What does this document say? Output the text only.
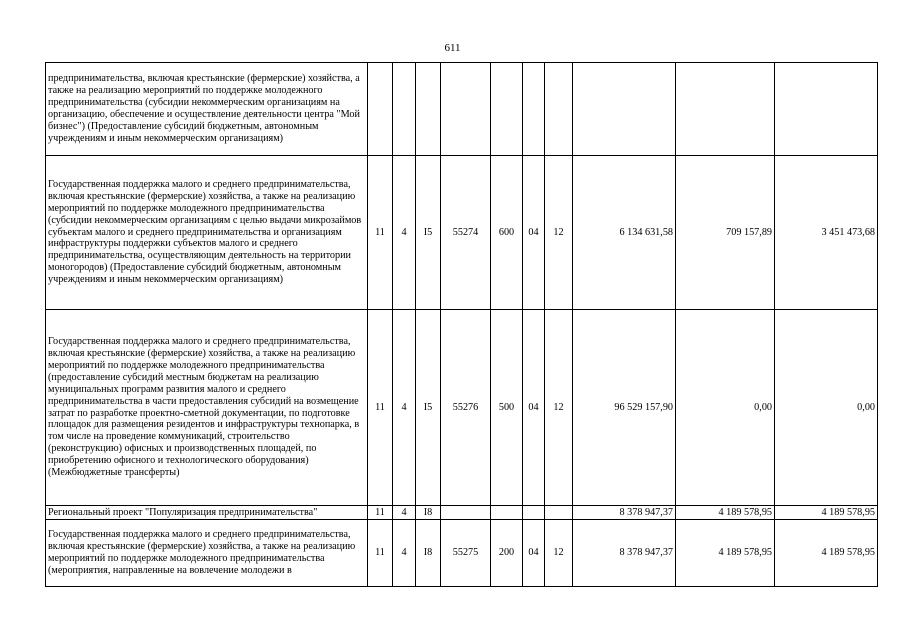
611
предпринимательства, включая крестьянские (фермерские) хозяйства, а также на реализацию мероприятий по поддержке молодежного предпринимательства (субсидии некоммерческим организациям на организацию, обеспечение и осуществление деятельности центра "Мой бизнес") (Предоставление субсидий бюджетным, автономным учреждениям и иным некоммерческим организациям)										
Государственная поддержка малого и среднего предпринимательства, включая крестьянские (фермерские) хозяйства, а также на реализацию мероприятий по поддержке молодежного предпринимательства (субсидии некоммерческим организациям с целью выдачи микрозаймов субъектам малого и среднего предпринимательства и организациям инфраструктуры поддержки субъектов малого и среднего предпринимательства, осуществляющим деятельность на территории моногородов) (Предоставление субсидий бюджетным, автономным учреждениям и иным некоммерческим организациям)	11	4	I5	55274	600	04	12	6 134 631,58	709 157,89	3 451 473,68
Государственная поддержка малого и среднего предпринимательства, включая крестьянские (фермерские) хозяйства, а также на реализацию мероприятий по поддержке молодежного предпринимательства (предоставление субсидий местным бюджетам на реализацию муниципальных программ развития малого и среднего предпринимательства в части предоставления субсидий на возмещение затрат по разработке проектно-сметной документации, по подготовке площадок для размещения резидентов и инфраструктуры технопарка, в том числе на проведение коммуникаций, строительство (реконструкцию) офисных и производственных площадей, по приобретению офисного и технологического оборудования) (Межбюджетные трансферты)	11	4	I5	55276	500	04	12	96 529 157,90	0,00	0,00
Региональный проект "Популяризация предпринимательства"	11	4	I8					8 378 947,37	4 189 578,95	4 189 578,95
Государственная поддержка малого и среднего предпринимательства, включая крестьянские (фермерские) хозяйства, а также на реализацию мероприятий по поддержке молодежного предпринимательства (мероприятия, направленные на вовлечение молодежи в	11	4	I8	55275	200	04	12	8 378 947,37	4 189 578,95	4 189 578,95
